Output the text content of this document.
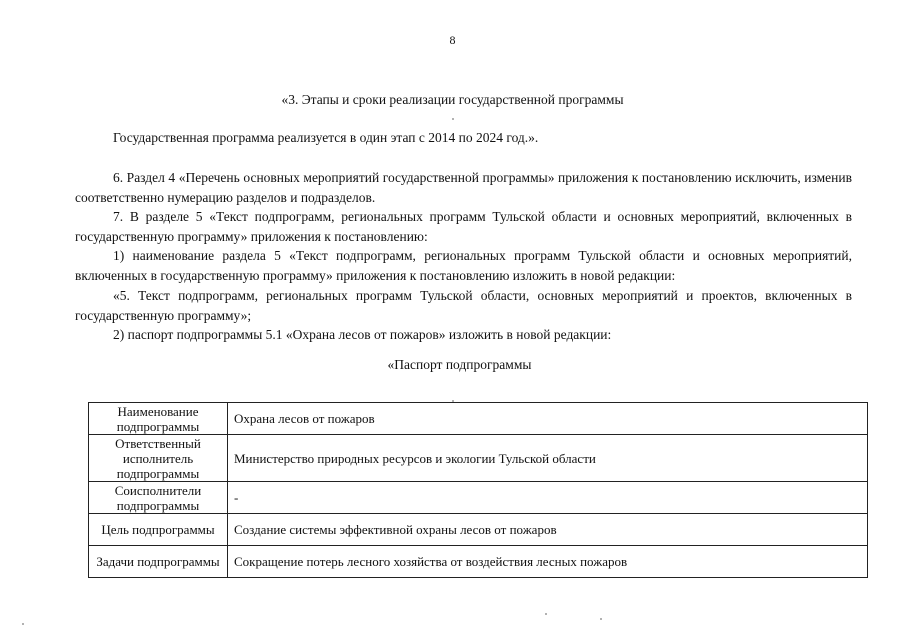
8
«3. Этапы и сроки реализации государственной программы

Государственная программа реализуется в один этап с 2014 по 2024 год.».

6. Раздел 4 «Перечень основных мероприятий государственной программы» приложения к постановлению исключить, изменив соответственно нумерацию разделов и подразделов.

7. В разделе 5 «Текст подпрограмм, региональных программ Тульской области и основных мероприятий, включенных в государственную программу» приложения к постановлению:

1) наименование раздела 5 «Текст подпрограмм, региональных программ Тульской области и основных мероприятий, включенных в государственную программу» приложения к постановлению изложить в новой редакции:

«5. Текст подпрограмм, региональных программ Тульской области, основных мероприятий и проектов, включенных в государственную программу»;

2) паспорт подпрограммы 5.1 «Охрана лесов от пожаров» изложить в новой редакции:

«Паспорт подпрограммы
Наименование подпрограммы	Охрана лесов от пожаров
Ответственный исполнитель подпрограммы	Министерство природных ресурсов и экологии Тульской области
Соисполнители подпрограммы	-
Цель подпрограммы	Создание системы эффективной охраны лесов от пожаров
Задачи подпрограммы	Сокращение потерь лесного хозяйства от воздействия лесных пожаров
